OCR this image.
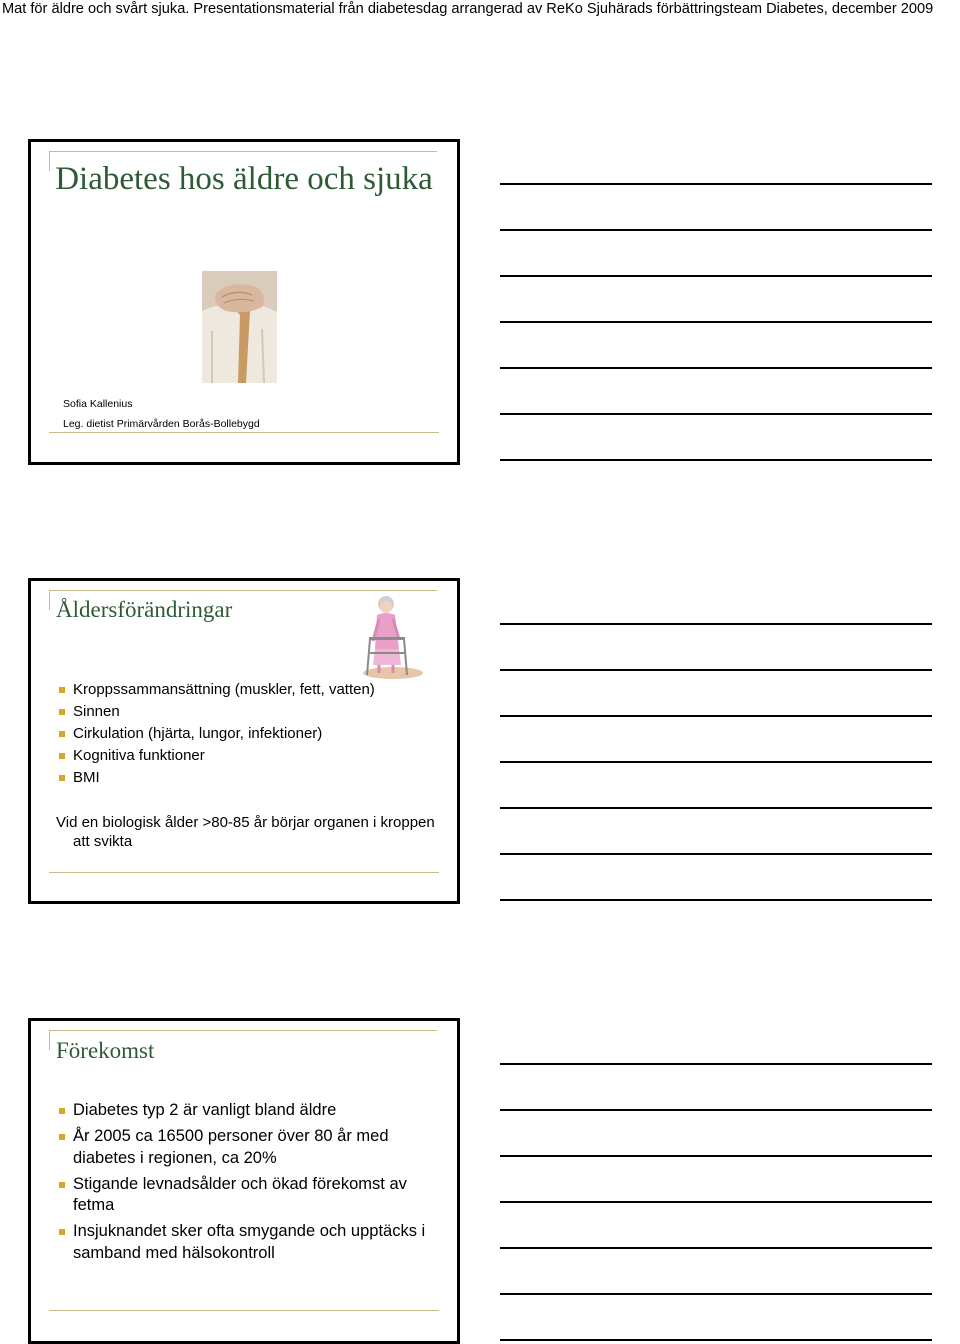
Mat för äldre och svårt sjuka. Presentationsmaterial från diabetesdag arrangerad av ReKo Sjuhärads förbättringsteam Diabetes, december 2009
Diabetes hos äldre och sjuka
Sofia Kallenius
Leg. dietist Primärvården Borås-Bollebygd
Åldersförändringar
Kroppssammansättning (muskler, fett, vatten)
Sinnen
Cirkulation (hjärta, lungor, infektioner)
Kognitiva funktioner
BMI
Vid en biologisk ålder >80-85 år börjar organen i kroppen att svikta
Förekomst
Diabetes typ 2 är vanligt bland äldre
År 2005 ca 16500 personer över 80 år med diabetes i regionen, ca 20%
Stigande levnadsålder och ökad förekomst av fetma
Insjuknandet sker ofta smygande och upptäcks i samband med hälsokontroll
